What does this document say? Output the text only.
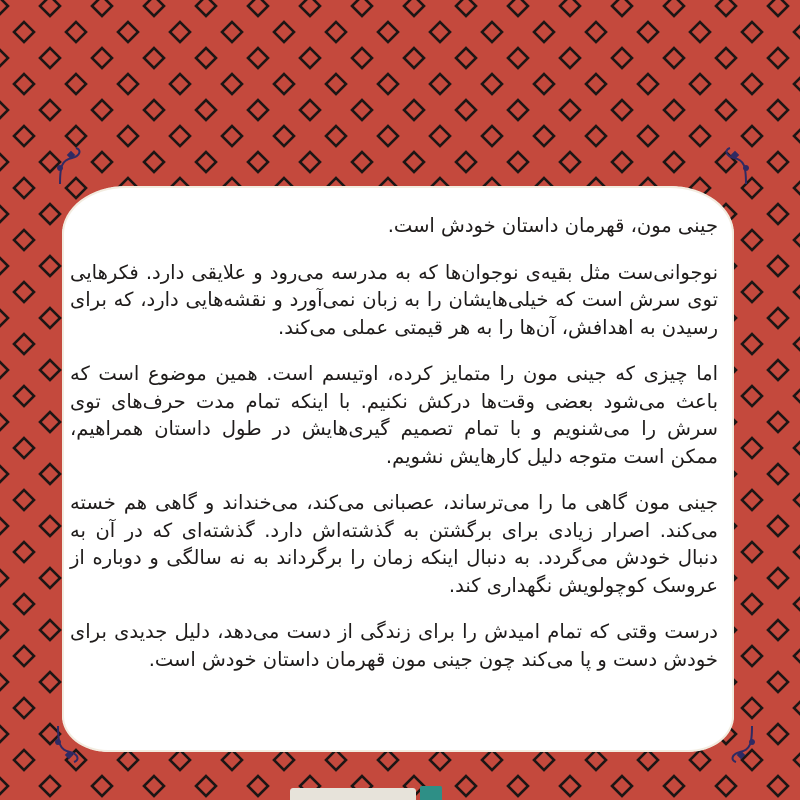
جینی مون، قهرمان داستان خودش است.

نوجوانی‌ست مثل بقیه‌ی نوجوان‌ها که به مدرسه می‌رود و علایقی دارد. فکرهایی توی سرش است که خیلی‌هایشان را به زبان نمی‌آورد و نقشه‌هایی دارد، که برای رسیدن به اهدافش، آن‌ها را به هر قیمتی عملی می‌کند.

اما چیزی که جینی مون را متمایز کرده، اوتیسم است. همین موضوع است که باعث می‌شود بعضی وقت‌ها درکش نکنیم. با اینکه تمام مدت حرف‌های توی سرش را می‌شنویم و با تمام تصمیم گیری‌هایش در طول داستان همراهیم، ممکن است متوجه دلیل کارهایش نشویم.

جینی مون گاهی ما را می‌ترساند، عصبانی می‌کند، می‌خنداند و گاهی هم خسته می‌کند. اصرار زیادی برای برگشتن به گذشته‌اش دارد. گذشته‌ای که در آن به دنبال خودش می‌گردد. به دنبال اینکه زمان را برگرداند به نه سالگی و دوباره از عروسک کوچولویش نگهداری کند.

درست وقتی که تمام امیدش را برای زندگی از دست می‌دهد، دلیل جدیدی برای خودش دست و پا می‌کند چون جینی مون قهرمان داستان خودش است.
